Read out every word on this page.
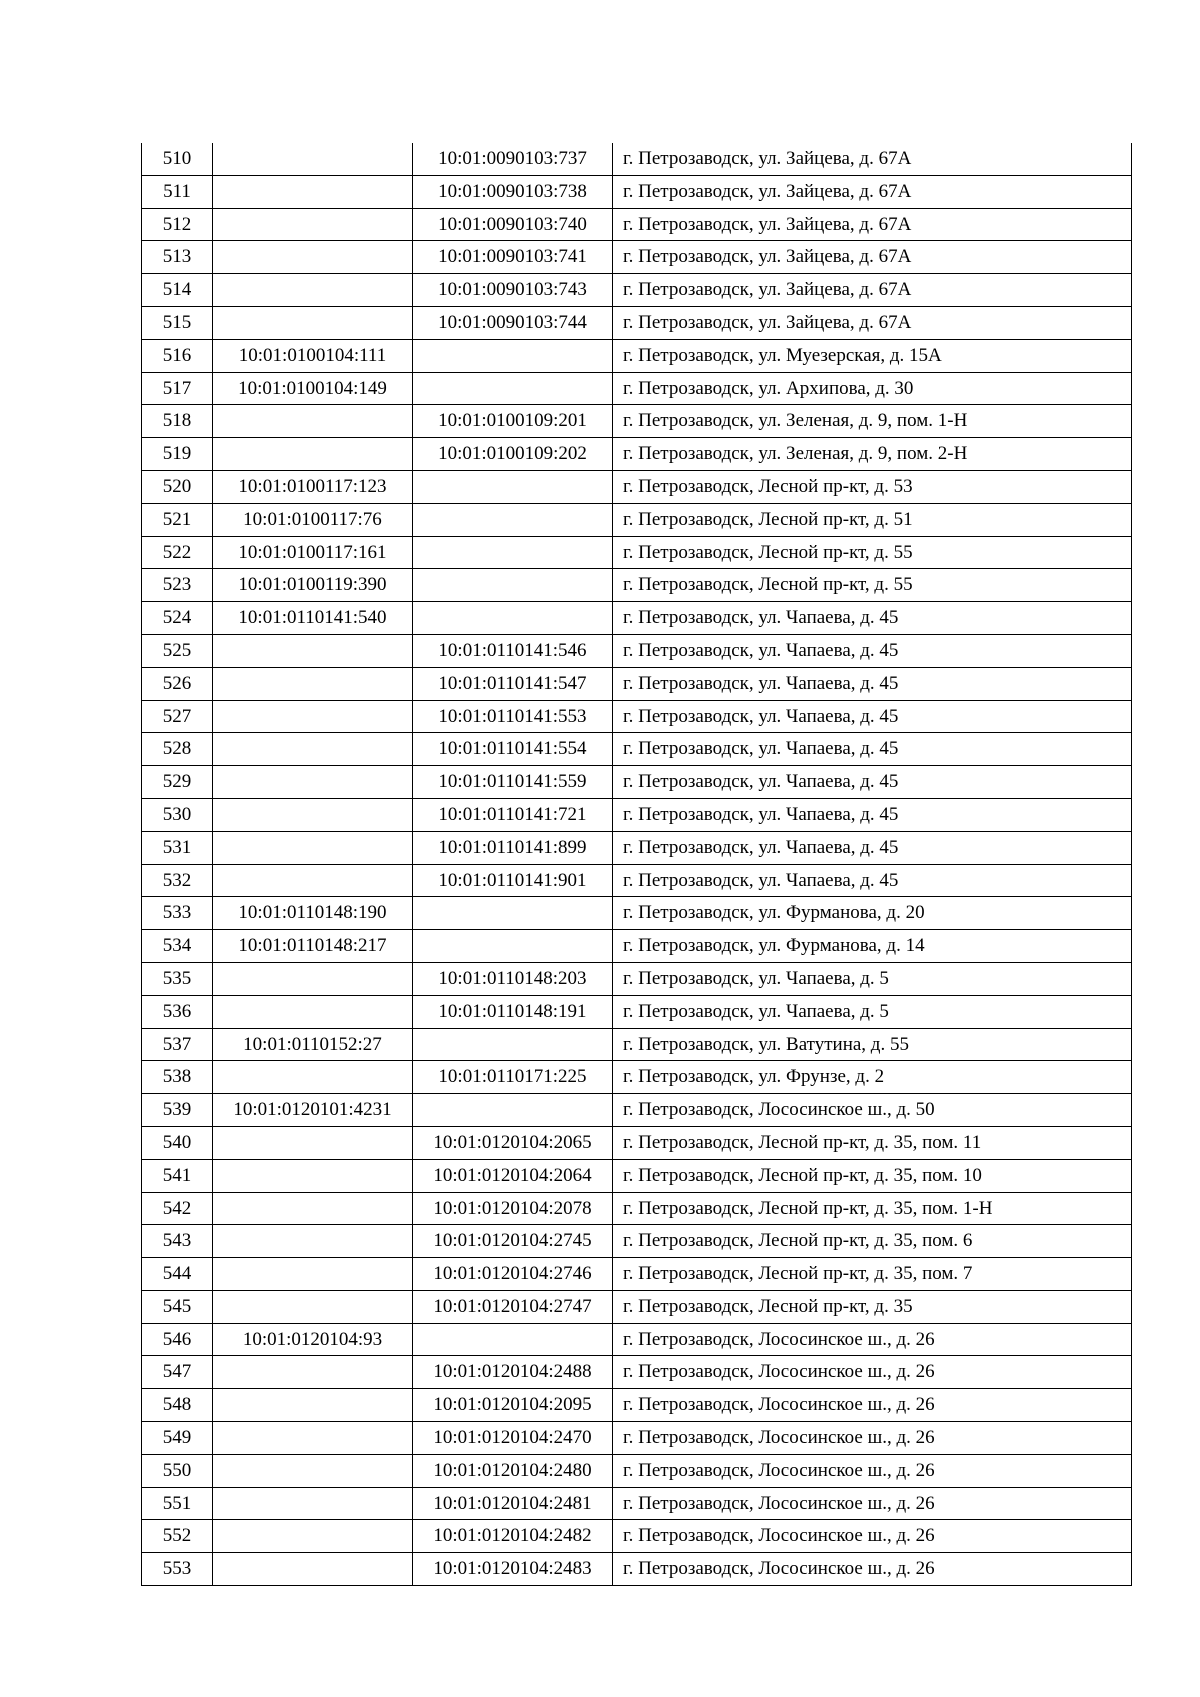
510		10:01:0090103:737	г. Петрозаводск, ул. Зайцева, д. 67А
511		10:01:0090103:738	г. Петрозаводск, ул. Зайцева, д. 67А
512		10:01:0090103:740	г. Петрозаводск, ул. Зайцева, д. 67А
513		10:01:0090103:741	г. Петрозаводск, ул. Зайцева, д. 67А
514		10:01:0090103:743	г. Петрозаводск, ул. Зайцева, д. 67А
515		10:01:0090103:744	г. Петрозаводск, ул. Зайцева, д. 67А
516	10:01:0100104:111		г. Петрозаводск, ул. Муезерская, д. 15А
517	10:01:0100104:149		г. Петрозаводск, ул. Архипова, д. 30
518		10:01:0100109:201	г. Петрозаводск, ул. Зеленая, д. 9, пом. 1-Н
519		10:01:0100109:202	г. Петрозаводск, ул. Зеленая, д. 9, пом. 2-Н
520	10:01:0100117:123		г. Петрозаводск, Лесной пр-кт, д. 53
521	10:01:0100117:76		г. Петрозаводск, Лесной пр-кт, д. 51
522	10:01:0100117:161		г. Петрозаводск, Лесной пр-кт, д. 55
523	10:01:0100119:390		г. Петрозаводск, Лесной пр-кт, д. 55
524	10:01:0110141:540		г. Петрозаводск, ул. Чапаева, д. 45
525		10:01:0110141:546	г. Петрозаводск, ул. Чапаева, д. 45
526		10:01:0110141:547	г. Петрозаводск, ул. Чапаева, д. 45
527		10:01:0110141:553	г. Петрозаводск, ул. Чапаева, д. 45
528		10:01:0110141:554	г. Петрозаводск, ул. Чапаева, д. 45
529		10:01:0110141:559	г. Петрозаводск, ул. Чапаева, д. 45
530		10:01:0110141:721	г. Петрозаводск, ул. Чапаева, д. 45
531		10:01:0110141:899	г. Петрозаводск, ул. Чапаева, д. 45
532		10:01:0110141:901	г. Петрозаводск, ул. Чапаева, д. 45
533	10:01:0110148:190		г. Петрозаводск, ул. Фурманова, д. 20
534	10:01:0110148:217		г. Петрозаводск, ул. Фурманова, д. 14
535		10:01:0110148:203	г. Петрозаводск, ул. Чапаева, д. 5
536		10:01:0110148:191	г. Петрозаводск, ул. Чапаева, д. 5
537	10:01:0110152:27		г. Петрозаводск, ул. Ватутина, д. 55
538		10:01:0110171:225	г. Петрозаводск, ул. Фрунзе, д. 2
539	10:01:0120101:4231		г. Петрозаводск, Лососинское ш., д. 50
540		10:01:0120104:2065	г. Петрозаводск, Лесной пр-кт, д. 35, пом. 11
541		10:01:0120104:2064	г. Петрозаводск, Лесной пр-кт, д. 35, пом. 10
542		10:01:0120104:2078	г. Петрозаводск, Лесной пр-кт, д. 35, пом. 1-Н
543		10:01:0120104:2745	г. Петрозаводск, Лесной пр-кт, д. 35, пом. 6
544		10:01:0120104:2746	г. Петрозаводск, Лесной пр-кт, д. 35, пом. 7
545		10:01:0120104:2747	г. Петрозаводск, Лесной пр-кт, д. 35
546	10:01:0120104:93		г. Петрозаводск, Лососинское ш., д. 26
547		10:01:0120104:2488	г. Петрозаводск, Лососинское ш., д. 26
548		10:01:0120104:2095	г. Петрозаводск, Лососинское ш., д. 26
549		10:01:0120104:2470	г. Петрозаводск, Лососинское ш., д. 26
550		10:01:0120104:2480	г. Петрозаводск, Лососинское ш., д. 26
551		10:01:0120104:2481	г. Петрозаводск, Лососинское ш., д. 26
552		10:01:0120104:2482	г. Петрозаводск, Лососинское ш., д. 26
553		10:01:0120104:2483	г. Петрозаводск, Лососинское ш., д. 26
